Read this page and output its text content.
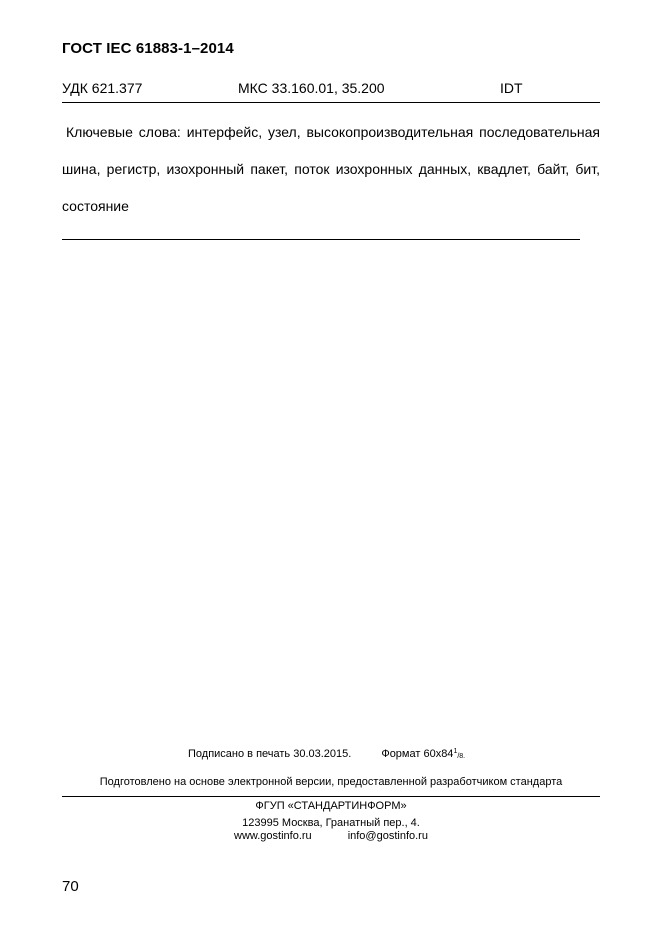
ГОСТ IEC 61883-1–2014
УДК 621.377	МКС 33.160.01, 35.200	IDT
Ключевые слова: интерфейс, узел, высокопроизводительная последовательная шина, регистр, изохронный пакет, поток изохронных данных, квадлет, байт, бит, состояние
Подписано в печать 30.03.2015.	Формат $60x84^1_{/8.}$
Подготовлено на основе электронной версии, предоставленной разработчиком стандарта
ФГУП «СТАНДАРТИНФОРМ»
123995 Москва, Гранатный пер., 4.
www.gostinfo.ru	info@gostinfo.ru
70
